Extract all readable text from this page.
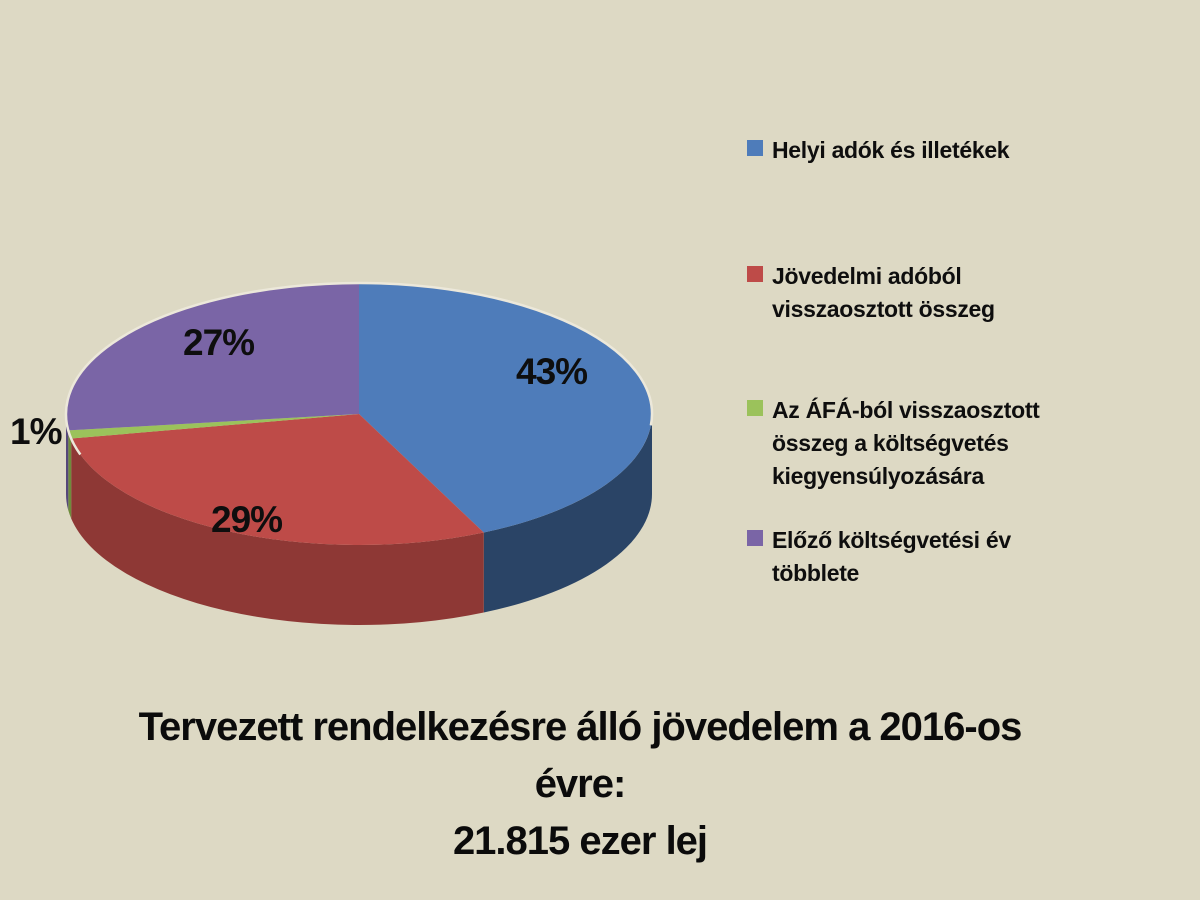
43%
29%
1%
27%
Helyi adók és illetékek
Jövedelmi adóból visszaosztott összeg
Az ÁFÁ-ból visszaosztott összeg a költségvetés kiegyensúlyozására
Előző költségvetési év többlete
Tervezett rendelkezésre álló jövedelem a 2016-os
évre:
21.815 ezer lej
